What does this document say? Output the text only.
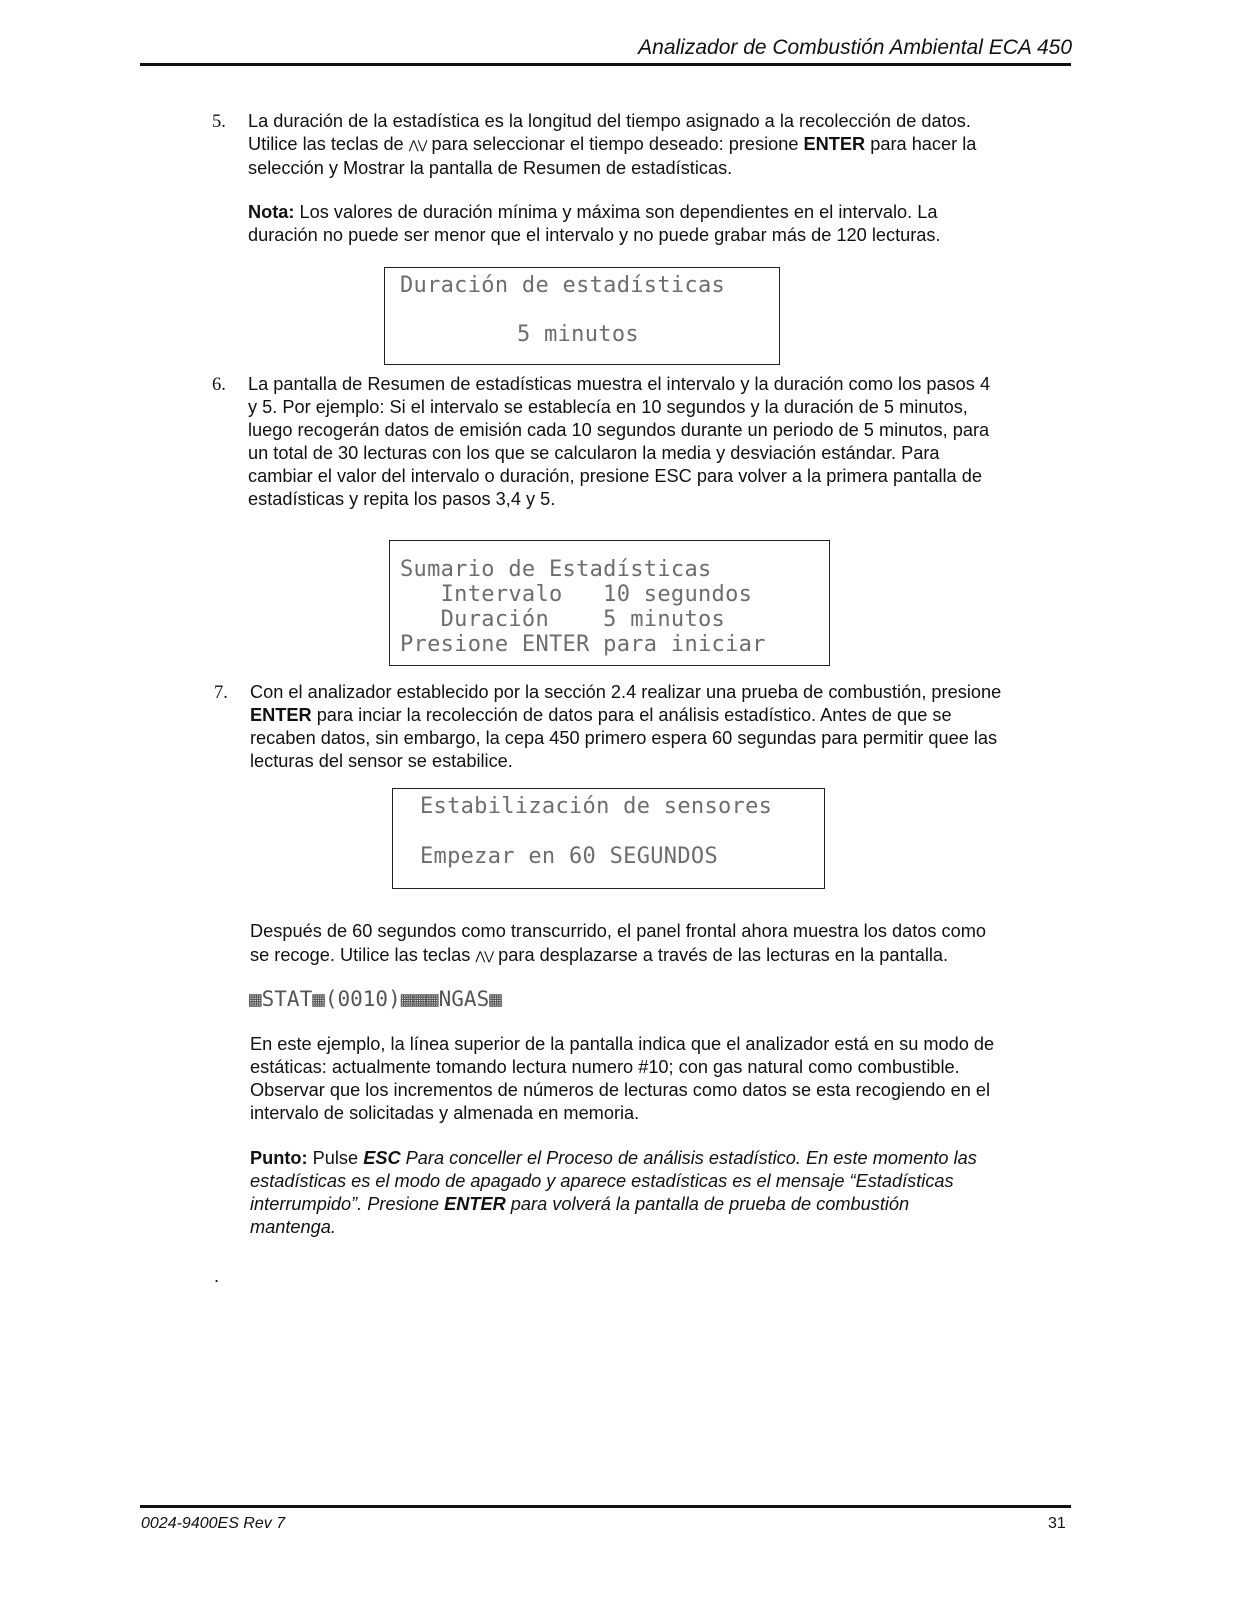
Analizador de Combustión Ambiental ECA 450
5. La duración de la estadística es la longitud del tiempo asignado a la recolección de datos.

Utilice las teclas de ⋀⋁ para seleccionar el tiempo deseado: presione ENTER para hacer la

selección y Mostrar la pantalla de Resumen de estadísticas.

Nota: Los valores de duración mínima y máxima son dependientes en el intervalo. La

duración no puede ser menor que el intervalo y no puede grabar más de 120 lecturas.

Duración de estadísticas
5 minutos
6. La pantalla de Resumen de estadísticas muestra el intervalo y la duración como los pasos 4

y 5. Por ejemplo: Si el intervalo se establecía en 10 segundos y la duración de 5 minutos,

luego recogerán datos de emisión cada 10 segundos durante un periodo de 5 minutos, para

un total de 30 lecturas con los que se calcularon la media y desviación estándar. Para

cambiar el valor del intervalo o duración, presione ESC para volver a la primera pantalla de

estadísticas y repita los pasos 3,4 y 5.

Sumario de Estadísticas
Intervalo   10 segundos
Duración    5 minutos
Presione ENTER para iniciar
7. Con el analizador establecido por la sección 2.4 realizar una prueba de combustión, presione

ENTER para inciar la recolección de datos para el análisis estadístico. Antes de que se

recaben datos, sin embargo, la cepa 450 primero espera 60 segundas para permitir quee las

lecturas del sensor se estabilice.

Estabilización de sensores
Empezar en 60 SEGUNDOS

Después de 60 segundos como transcurrido, el panel frontal ahora muestra los datos como

se recoge. Utilice las teclas ⋀⋁ para desplazarse a través de las lecturas en la pantalla.

▦STAT▦(0010)▦▦▦NGAS▦

En este ejemplo, la línea superior de la pantalla indica que el analizador está en su modo de

estáticas: actualmente tomando lectura numero #10; con gas natural como combustible.

Observar que los incrementos de números de lecturas como datos se esta recogiendo en el

intervalo de solicitadas y almenada en memoria.

Punto: Pulse ESC Para conceller el Proceso de análisis estadístico. En este momento las

estadísticas es el modo de apagado y aparece estadísticas es el mensaje “Estadísticas

interrumpido”. Presione ENTER para volverá la pantalla de prueba de combustión

mantenga.

.
0024-9400ES Rev 7	31
